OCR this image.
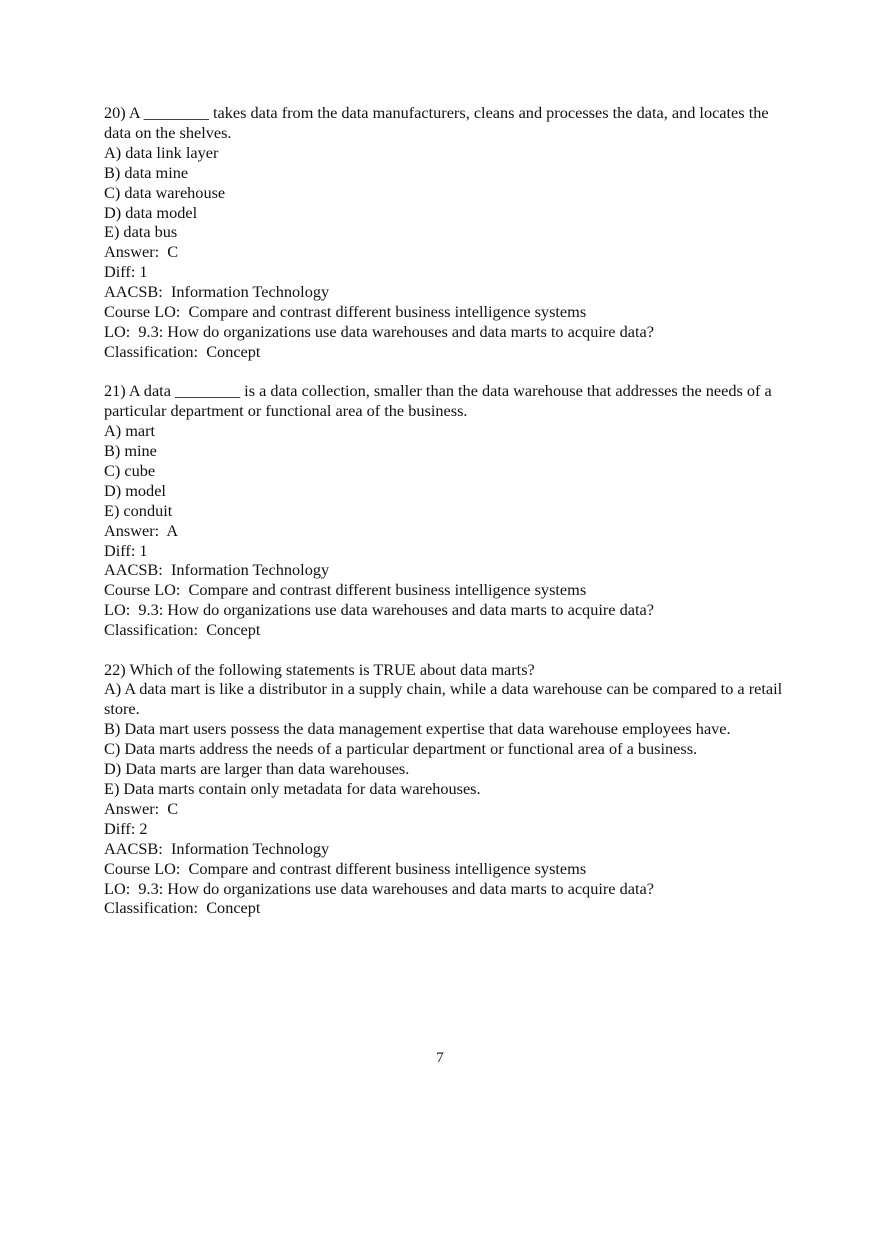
20) A ________ takes data from the data manufacturers, cleans and processes the data, and locates the data on the shelves.
A) data link layer
B) data mine
C) data warehouse
D) data model
E) data bus
Answer:  C
Diff: 1
AACSB:  Information Technology
Course LO:  Compare and contrast different business intelligence systems
LO:  9.3: How do organizations use data warehouses and data marts to acquire data?
Classification:  Concept
21) A data ________ is a data collection, smaller than the data warehouse that addresses the needs of a particular department or functional area of the business.
A) mart
B) mine
C) cube
D) model
E) conduit
Answer:  A
Diff: 1
AACSB:  Information Technology
Course LO:  Compare and contrast different business intelligence systems
LO:  9.3: How do organizations use data warehouses and data marts to acquire data?
Classification:  Concept
22) Which of the following statements is TRUE about data marts?
A) A data mart is like a distributor in a supply chain, while a data warehouse can be compared to a retail store.
B) Data mart users possess the data management expertise that data warehouse employees have.
C) Data marts address the needs of a particular department or functional area of a business.
D) Data marts are larger than data warehouses.
E) Data marts contain only metadata for data warehouses.
Answer:  C
Diff: 2
AACSB:  Information Technology
Course LO:  Compare and contrast different business intelligence systems
LO:  9.3: How do organizations use data warehouses and data marts to acquire data?
Classification:  Concept
7
